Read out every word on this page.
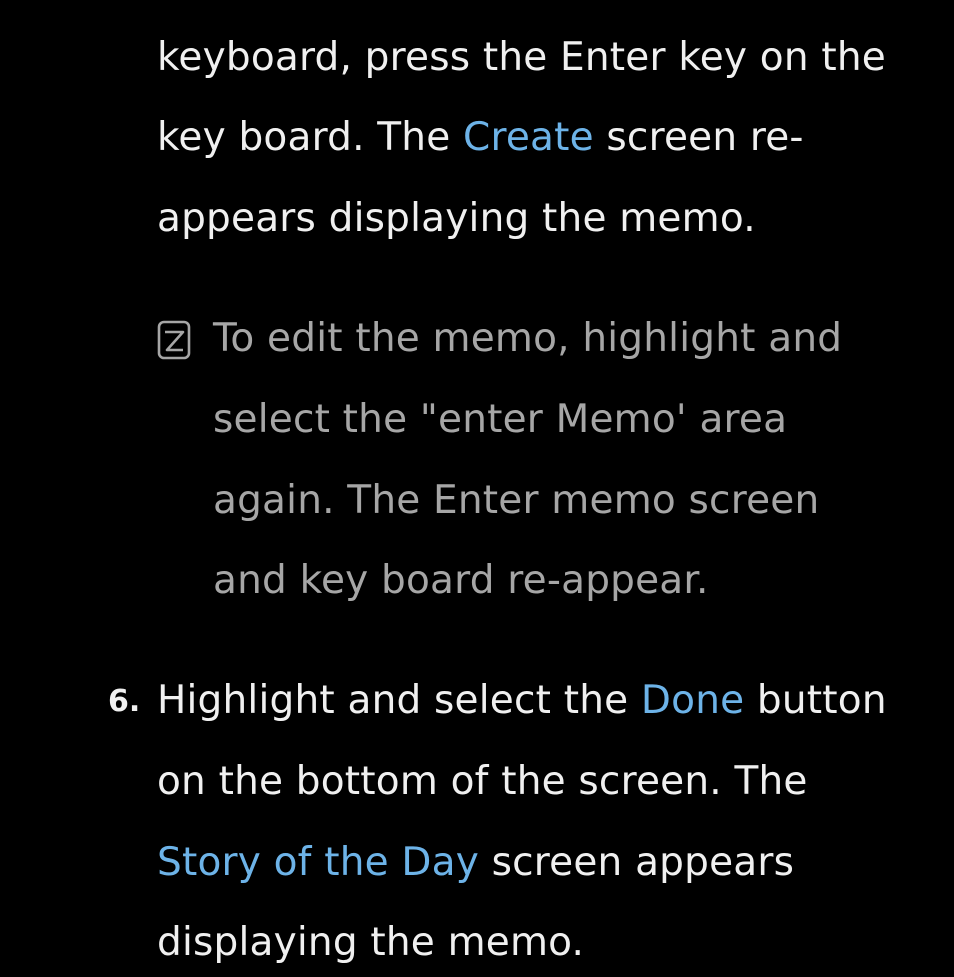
keyboard, press the Enter key on the
key board. The Create screen re-
appears displaying the memo.
To edit the memo, highlight and
select the "enter Memo' area
again. The Enter memo screen
and key board re-appear.
6. Highlight and select the Done button
on the bottom of the screen. The
Story of the Day screen appears
displaying the memo.
